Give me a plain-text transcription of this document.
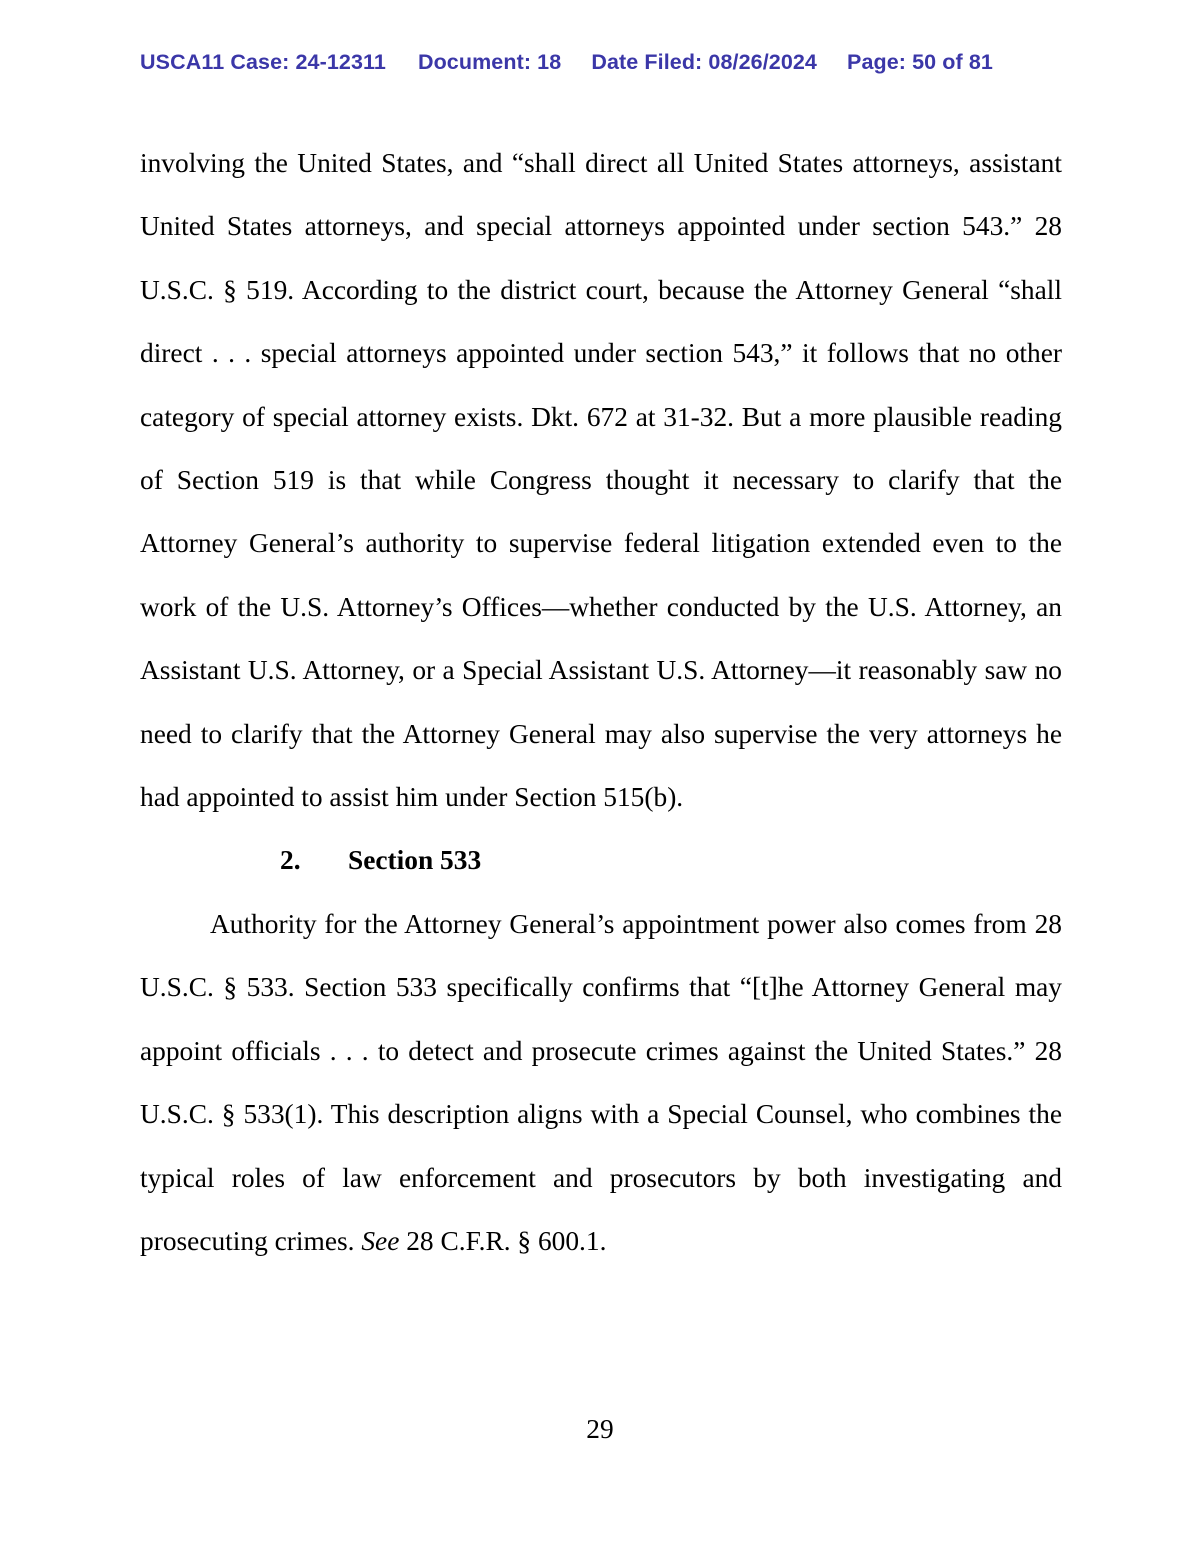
USCA11 Case: 24-12311 Document: 18 Date Filed: 08/26/2024 Page: 50 of 81

involving the United States, and “shall direct all United States attorneys, assistant United States attorneys, and special attorneys appointed under section 543.” 28 U.S.C. § 519. According to the district court, because the Attorney General “shall direct . . . special attorneys appointed under section 543,” it follows that no other category of special attorney exists. Dkt. 672 at 31-32. But a more plausible reading of Section 519 is that while Congress thought it necessary to clarify that the Attorney General’s authority to supervise federal litigation extended even to the work of the U.S. Attorney’s Offices—whether conducted by the U.S. Attorney, an Assistant U.S. Attorney, or a Special Assistant U.S. Attorney—it reasonably saw no need to clarify that the Attorney General may also supervise the very attorneys he had appointed to assist him under Section 515(b).

2. Section 533

Authority for the Attorney General’s appointment power also comes from 28 U.S.C. § 533. Section 533 specifically confirms that “[t]he Attorney General may appoint officials . . . to detect and prosecute crimes against the United States.” 28 U.S.C. § 533(1). This description aligns with a Special Counsel, who combines the typical roles of law enforcement and prosecutors by both investigating and prosecuting crimes. See 28 C.F.R. § 600.1.

29
